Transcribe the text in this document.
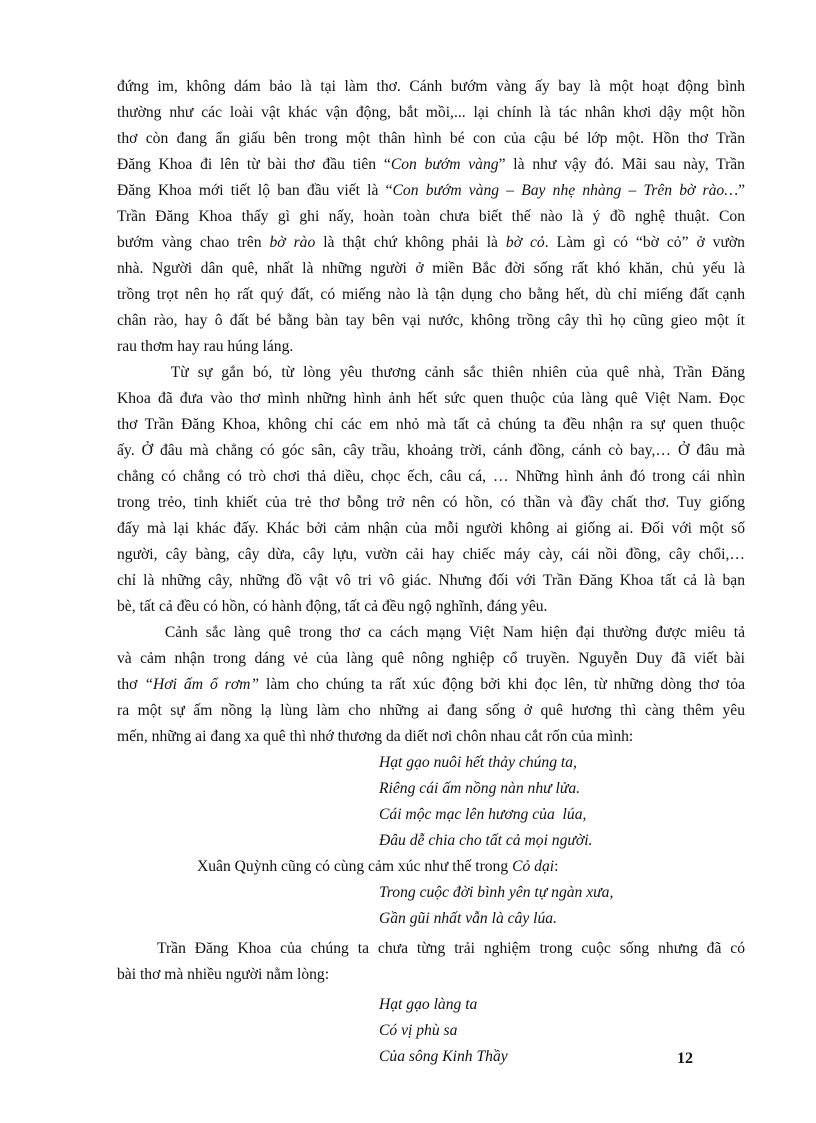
đứng im, không dám bảo là tại làm thơ. Cánh bướm vàng ấy bay là một hoạt động bình
thường như các loài vật khác vận động, bắt mồi,... lại chính là tác nhân khơi dậy một hồn
thơ còn đang ẩn giấu bên trong một thân hình bé con của cậu bé lớp một. Hồn thơ Trần
Đăng Khoa đi lên từ bài thơ đầu tiên “Con bướm vàng” là như vậy đó. Mãi sau này, Trần
Đăng Khoa mới tiết lộ ban đầu viết là “Con bướm vàng – Bay nhẹ nhàng – Trên bờ rào…”
Trần Đăng Khoa thấy gì ghi nấy, hoàn toàn chưa biết thế nào là ý đồ nghệ thuật. Con
bướm vàng chao trên bờ rào là thật chứ không phải là bờ cỏ. Làm gì có “bờ cỏ” ở vườn
nhà. Người dân quê, nhất là những người ở miền Bắc đời sống rất khó khăn, chủ yếu là
trồng trọt nên họ rất quý đất, có miếng nào là tận dụng cho bằng hết, dù chỉ miếng đất cạnh
chân rào, hay ô đất bé bằng bàn tay bên vại nước, không trồng cây thì họ cũng gieo một ít
rau thơm hay rau húng láng.
Từ sự gắn bó, từ lòng yêu thương cảnh sắc thiên nhiên của quê nhà, Trần Đăng
Khoa đã đưa vào thơ mình những hình ảnh hết sức quen thuộc của làng quê Việt Nam. Đọc
thơ Trần Đăng Khoa, không chỉ các em nhỏ mà tất cả chúng ta đều nhận ra sự quen thuộc
ấy. Ở đâu mà chẳng có góc sân, cây trầu, khoảng trời, cánh đồng, cánh cò bay,… Ở đâu mà
chẳng có chẳng có trò chơi thả diều, chọc ếch, câu cá, … Những hình ảnh đó trong cái nhìn
trong trẻo, tinh khiết của trẻ thơ bỗng trở nên có hồn, có thần và đầy chất thơ. Tuy giống
đấy mà lại khác đấy. Khác bởi cảm nhận của mỗi người không ai giống ai. Đối với một số
người, cây bàng, cây dừa, cây lựu, vườn cải hay chiếc máy cày, cái nồi đồng, cây chổi,…
chỉ là những cây, những đồ vật vô tri vô giác. Nhưng đối với Trần Đăng Khoa tất cả là bạn
bè, tất cả đều có hồn, có hành động, tất cả đều ngộ nghĩnh, đáng yêu.
Cảnh sắc làng quê trong thơ ca cách mạng Việt Nam hiện đại thường được miêu tả
và cảm nhận trong dáng vẻ của làng quê nông nghiệp cổ truyền. Nguyễn Duy đã viết bài
thơ “Hơi ấm ổ rơm” làm cho chúng ta rất xúc động bởi khi đọc lên, từ những dòng thơ tỏa
ra một sự ấm nồng lạ lùng làm cho những ai đang sống ở quê hương thì càng thêm yêu
mến, những ai đang xa quê thì nhớ thương da diết nơi chôn nhau cắt rốn của mình:
Hạt gạo nuôi hết thảy chúng ta,
Riêng cái ấm nồng nàn như lửa.
Cái mộc mạc lên hương của  lúa,
Đâu dễ chia cho tất cả mọi người.
Xuân Quỳnh cũng có cùng cảm xúc như thế trong Cỏ dại:
Trong cuộc đời bình yên tự ngàn xưa,
Gần gũi nhất vẫn là cây lúa.
Trần Đăng Khoa của chúng ta chưa từng trải nghiệm trong cuộc sống nhưng đã có
bài thơ mà nhiều người nằm lòng:
Hạt gạo làng ta
Có vị phù sa
Của sông Kinh Thầy	12
